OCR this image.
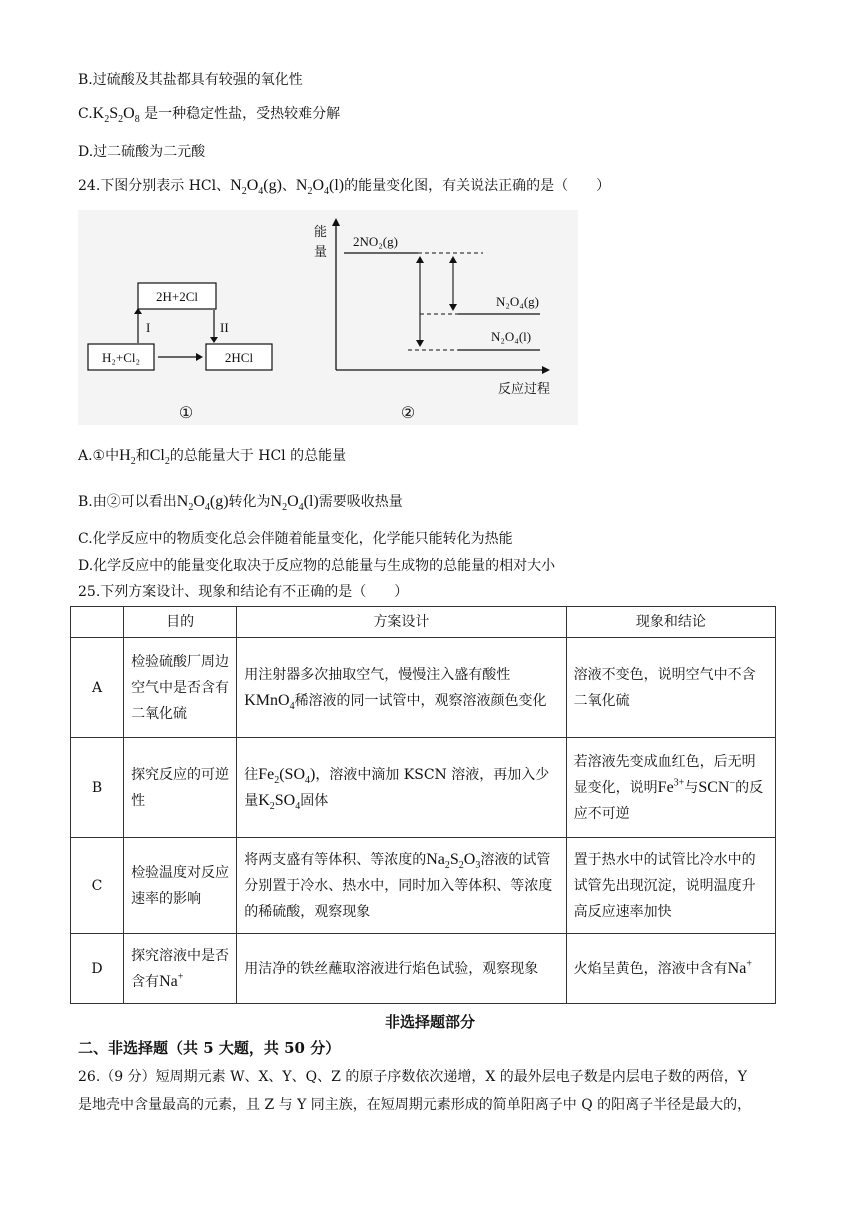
B.过硫酸及其盐都具有较强的氧化性
$C.K_2S_2O_8$ 是一种稳定性盐，受热较难分解
D.过二硫酸为二元酸
24.下图分别表示 HCl、$N_2O_4(g)$、$N_2O_4(l)$的能量变化图，有关说法正确的是（　　）
2H+2Cl
H₂+Cl₂	2HCl
I	II
①
能
量
反应过程
2NO₂(g)
N₂O₄(g)
N₂O₄(l)
②
A.①中$H_2$和$Cl_2$的总能量大于 HCl 的总能量
B.由②可以看出$N_2O_4(g)$转化为$N_2O_4(l)$需要吸收热量
C.化学反应中的物质变化总会伴随着能量变化，化学能只能转化为热能
D.化学反应中的能量变化取决于反应物的总能量与生成物的总能量的相对大小
25.下列方案设计、现象和结论有不正确的是（　　）
	目的	方案设计	现象和结论
A	检验硫酸厂周边空气中是否含有二氧化硫	用注射器多次抽取空气，慢慢注入盛有酸性
KMnO$_4$稀溶液的同一试管中，观察溶液颜色变化	溶液不变色，说明空气中不含二氧化硫
B	探究反应的可逆性	往$Fe_2(SO_4)$，溶液中滴加 KSCN 溶液，再加入少量$K_2SO_4$固体	若溶液先变成血红色，后无明显变化，说明$Fe^{3+}$与SCN−的反应不可逆
C	检验温度对反应速率的影响	将两支盛有等体积、等浓度的$Na_2S_2O_3$溶液的试管分别置于冷水、热水中，同时加入等体积、等浓度的稀硫酸，观察现象	置于热水中的试管比冷水中的试管先出现沉淀，说明温度升高反应速率加快
D	探究溶液中是否含有Na+	用洁净的铁丝蘸取溶液进行焰色试验，观察现象	火焰呈黄色，溶液中含有Na+
非选择题部分
二、非选择题（共 5 大题，共 50 分）
26.（9 分）短周期元素 W、X、Y、Q、Z 的原子序数依次递增，X 的最外层电子数是内层电子数的两倍，Y
是地壳中含量最高的元素，且 Z 与 Y 同主族，在短周期元素形成的简单阳离子中 Q 的阳离子半径是最大的，
